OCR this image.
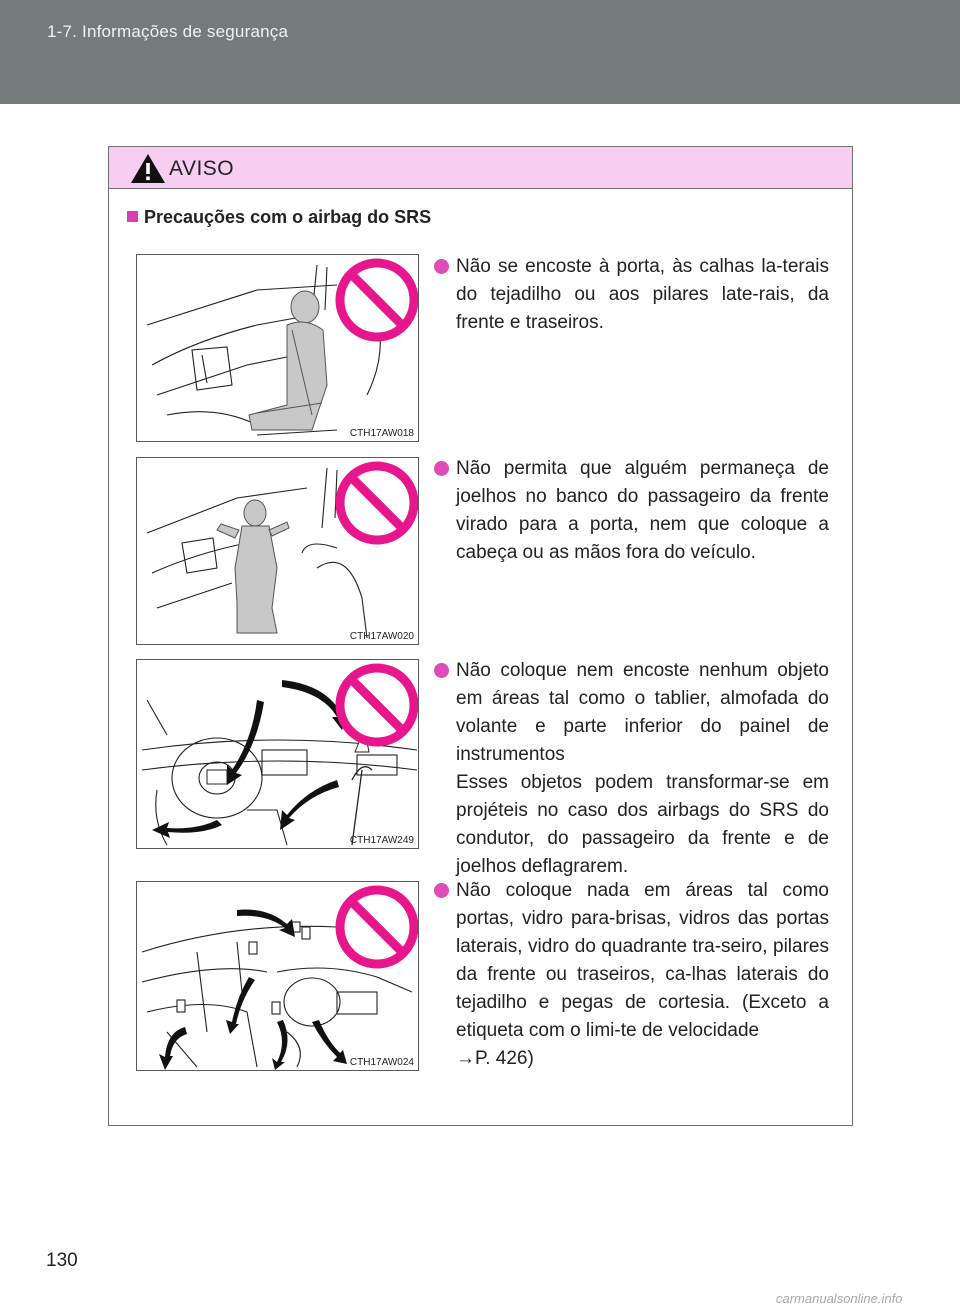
1-7. Informações de segurança
AVISO
Precauções com o airbag do SRS
CTH17AW018
Não se encoste à porta, às calhas la-terais do tejadilho ou aos pilares late-rais, da frente e traseiros.
CTH17AW020
Não permita que alguém permaneça de joelhos no banco do passageiro da frente virado para a porta, nem que coloque a cabeça ou as mãos fora do veículo.
CTH17AW249
Não coloque nem encoste nenhum objeto em áreas tal como o tablier, almofada do volante e parte inferior do painel de instrumentos
Esses objetos podem transformar-se em projéteis no caso dos airbags do SRS do condutor, do passageiro da frente e de joelhos deflagrarem.
CTH17AW024
Não coloque nada em áreas tal como portas, vidro para-brisas, vidros das portas laterais, vidro do quadrante tra-seiro, pilares da frente ou traseiros, ca-lhas laterais do tejadilho e pegas de cortesia. (Exceto a etiqueta com o limi-te de velocidade
→P. 426)
130
carmanualsonline.info
